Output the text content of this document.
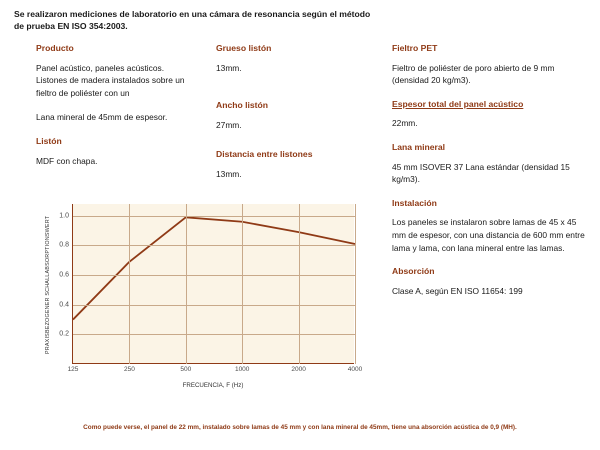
Se realizaron mediciones de laboratorio en una cámara de resonancia según el método
de prueba EN ISO 354:2003.
Producto
Panel acústico, paneles acústicos. Listones de madera instalados sobre un fieltro de poliéster con un
Lana mineral de 45mm de espesor.
Listón
MDF con chapa.
Grueso listón
13mm.
Ancho listón
27mm.
Distancia entre listones
13mm.
Fieltro PET
Fieltro de poliéster de poro abierto de 9 mm (densidad 20 kg/m3).
Espesor total del panel acústico
22mm.
Lana mineral
45 mm ISOVER 37 Lana estándar (densidad 15 kg/m3).
Instalación
Los paneles se instalaron sobre lamas de 45 x 45 mm de espesor, con una distancia de 600 mm entre lama y lama, con lana mineral entre las lamas.
Absorción
Clase A, según EN ISO 11654: 199
PRAXISBEZOGENER SCHALLABSORPTIONSWERT
125	250	500	1000	2000	4000
0.2
0.4
0.6
0.8
1.0
FRECUENCIA, F (Hz)
Como puede verse, el panel de 22 mm, instalado sobre lamas de 45 mm y con lana mineral de 45mm, tiene una absorción acústica de 0,9 (MH).
